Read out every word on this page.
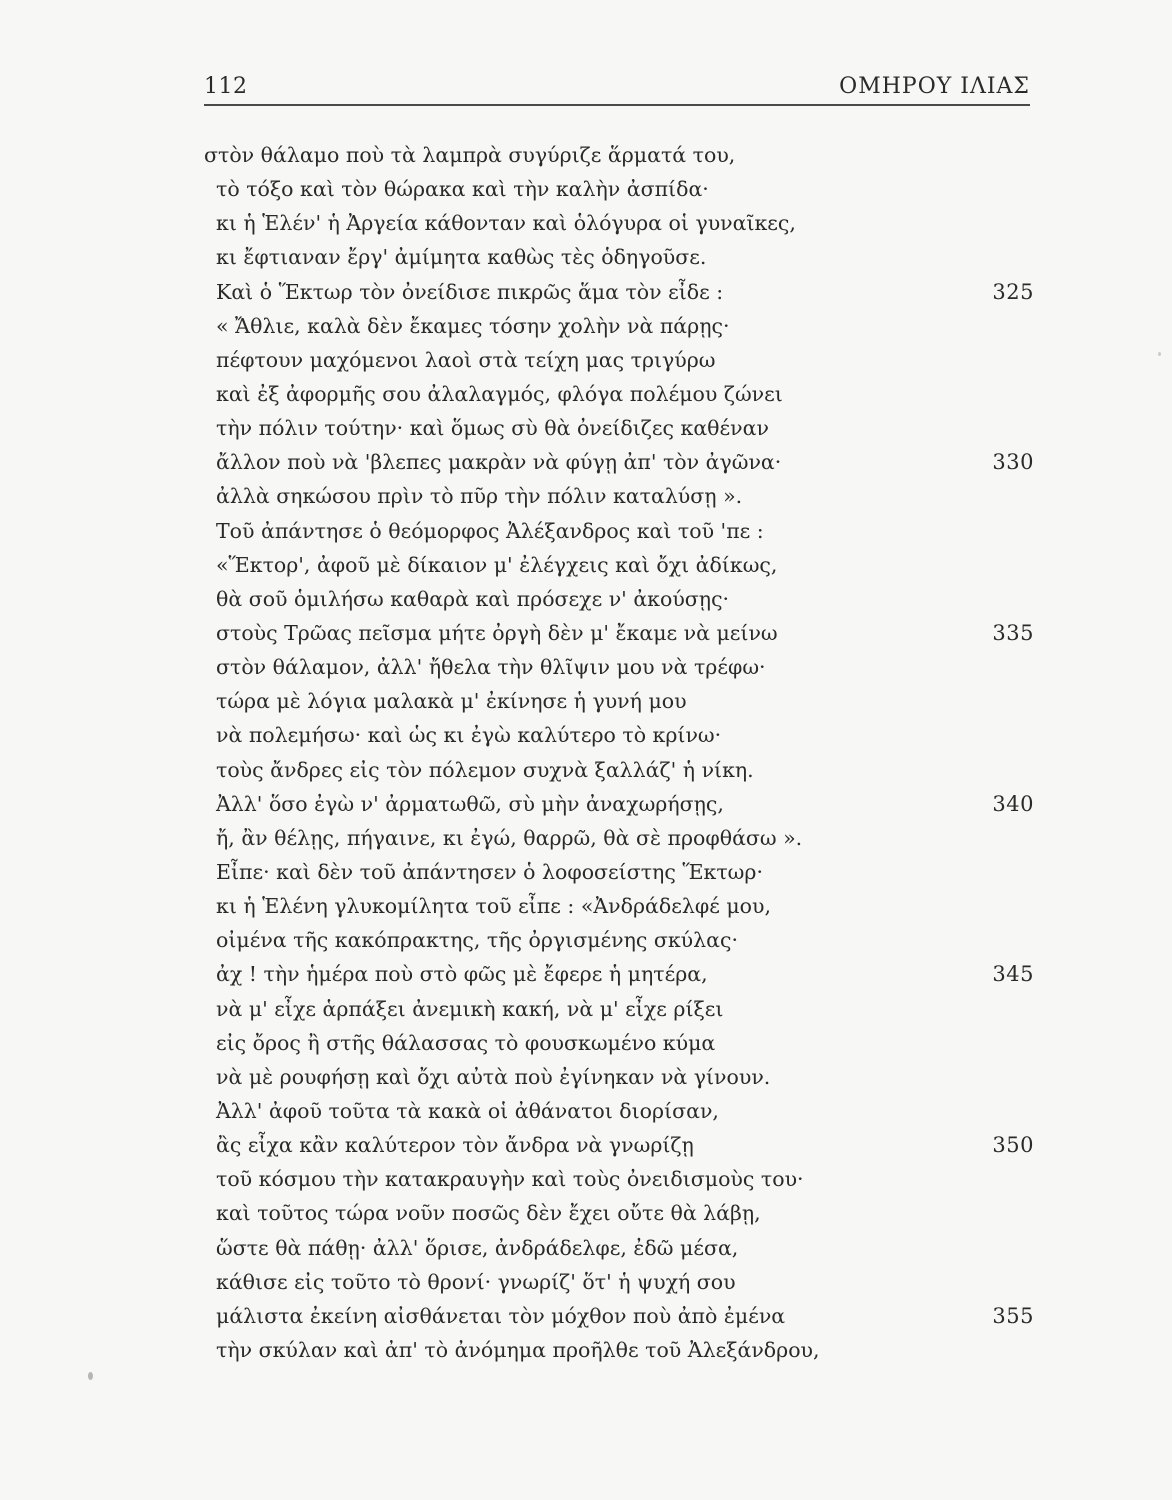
112	ΟΜΗΡΟΥ ΙΛΙΑΣ
στὸν θάλαμο ποὺ τὰ λαμπρὰ συγύριζε ἅρματά του,
τὸ τόξο καὶ τὸν θώρακα καὶ τὴν καλὴν ἀσπίδα·
κι ἡ Ἑλέν' ἡ Ἀργεία κάθονταν καὶ ὁλόγυρα οἱ γυναῖκες,
κι ἔφτιαναν ἔργ' ἀμίμητα καθὼς τὲς ὁδηγοῦσε.
Καὶ ὁ Ἕκτωρ τὸν ὀνείδισε πικρῶς ἅμα τὸν εἶδε :	325
« Ἄθλιε, καλὰ δὲν ἔκαμες τόσην χολὴν νὰ πάρῃς·
πέφτουν μαχόμενοι λαοὶ στὰ τείχη μας τριγύρω
καὶ ἐξ ἀφορμῆς σου ἀλαλαγμός, φλόγα πολέμου ζώνει
τὴν πόλιν τούτην· καὶ ὅμως σὺ θὰ ὀνείδιζες καθέναν
ἄλλον ποὺ νὰ 'βλεπες μακρὰν νὰ φύγῃ ἀπ' τὸν ἀγῶνα·	330
ἀλλὰ σηκώσου πρὶν τὸ πῦρ τὴν πόλιν καταλύσῃ ».
Τοῦ ἀπάντησε ὁ θεόμορφος Ἀλέξανδρος καὶ τοῦ 'πε :
«Ἕκτορ', ἀφοῦ μὲ δίκαιον μ' ἐλέγχεις καὶ ὄχι ἀδίκως,
θὰ σοῦ ὁμιλήσω καθαρὰ καὶ πρόσεχε ν' ἀκούσῃς·
στοὺς Τρῶας πεῖσμα μήτε ὀργὴ δὲν μ' ἔκαμε νὰ μείνω	335
στὸν θάλαμον, ἀλλ' ἤθελα τὴν θλῖψιν μου νὰ τρέφω·
τώρα μὲ λόγια μαλακὰ μ' ἐκίνησε ἡ γυνή μου
νὰ πολεμήσω· καὶ ὡς κι ἐγὼ καλύτερο τὸ κρίνω·
τοὺς ἄνδρες εἰς τὸν πόλεμον συχνὰ ξαλλάζ' ἡ νίκη.
Ἀλλ' ὅσο ἐγὼ ν' ἀρματωθῶ, σὺ μὴν ἀναχωρήσῃς,	340
ἤ, ἂν θέλῃς, πήγαινε, κι ἐγώ, θαρρῶ, θὰ σὲ προφθάσω ».
Εἶπε· καὶ δὲν τοῦ ἀπάντησεν ὁ λοφοσείστης Ἕκτωρ·
κι ἡ Ἑλένη γλυκομίλητα τοῦ εἶπε : «Ἀνδράδελφέ μου,
οἰμένα τῆς κακόπρακτης, τῆς ὀργισμένης σκύλας·
ἀχ ! τὴν ἡμέρα ποὺ στὸ φῶς μὲ ἔφερε ἡ μητέρα,	345
νὰ μ' εἶχε ἁρπάξει ἀνεμικὴ κακή, νὰ μ' εἶχε ρίξει
εἰς ὄρος ἢ στῆς θάλασσας τὸ φουσκωμένο κύμα
νὰ μὲ ρουφήσῃ καὶ ὄχι αὐτὰ ποὺ ἐγίνηκαν νὰ γίνουν.
Ἀλλ' ἀφοῦ τοῦτα τὰ κακὰ οἱ ἀθάνατοι διορίσαν,
ἂς εἶχα κἂν καλύτερον τὸν ἄνδρα νὰ γνωρίζῃ	350
τοῦ κόσμου τὴν κατακραυγὴν καὶ τοὺς ὀνειδισμοὺς του·
καὶ τοῦτος τώρα νοῦν ποσῶς δὲν ἔχει οὔτε θὰ λάβῃ,
ὥστε θὰ πάθῃ· ἀλλ' ὅρισε, ἀνδράδελφε, ἐδῶ μέσα,
κάθισε εἰς τοῦτο τὸ θρονί· γνωρίζ' ὅτ' ἡ ψυχή σου
μάλιστα ἐκείνη αἰσθάνεται τὸν μόχθον ποὺ ἀπὸ ἐμένα	355
τὴν σκύλαν καὶ ἀπ' τὸ ἀνόμημα προῆλθε τοῦ Ἀλεξάνδρου,
